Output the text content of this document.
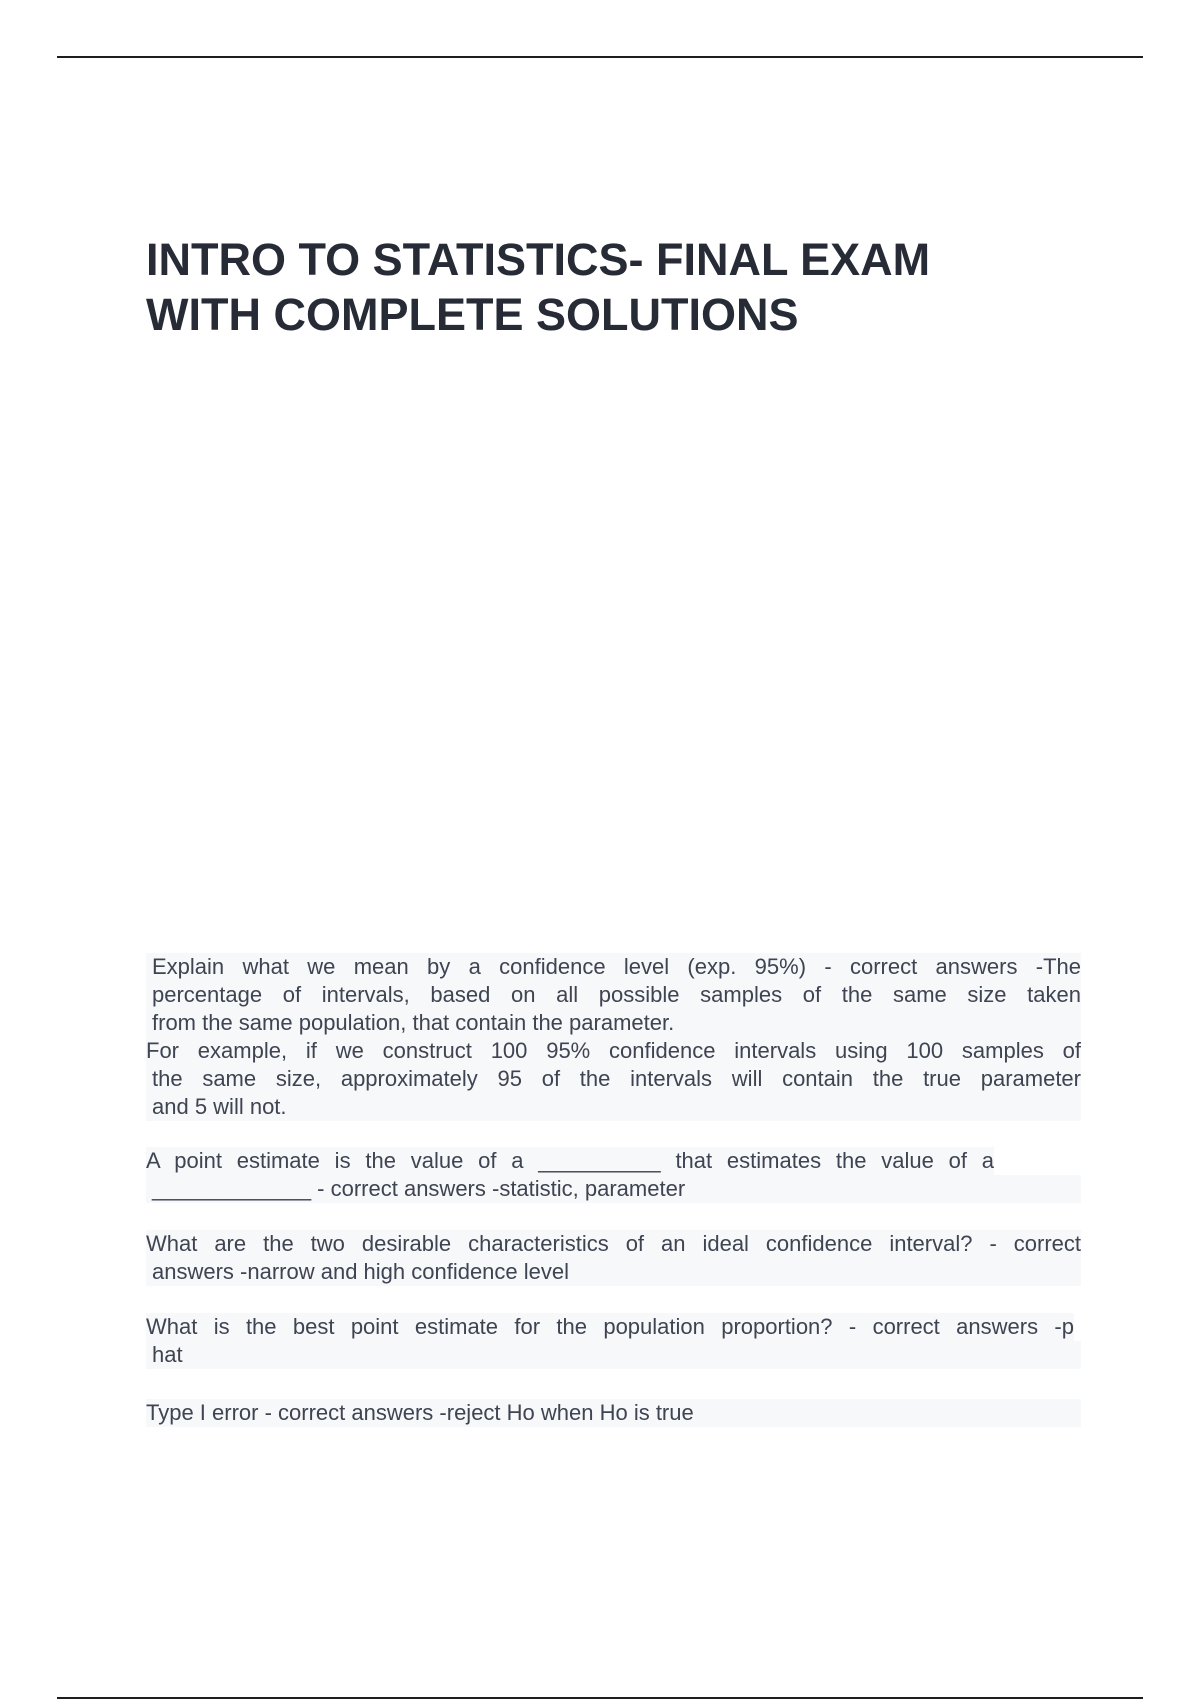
INTRO TO STATISTICS- FINAL EXAM
WITH COMPLETE SOLUTIONS
Explain what we mean by a confidence level (exp. 95%) - correct answers -The
percentage of intervals, based on all possible samples of the same size taken
from the same population, that contain the parameter.
For example, if we construct 100 95% confidence intervals using 100 samples of
the same size, approximately 95 of the intervals will contain the true parameter
and 5 will not.
A point estimate is the value of a __________ that estimates the value of a
_____________ - correct answers -statistic, parameter
What are the two desirable characteristics of an ideal confidence interval? - correct
answers -narrow and high confidence level
What is the best point estimate for the population proportion? - correct answers -p
hat
Type I error - correct answers -reject Ho when Ho is true
